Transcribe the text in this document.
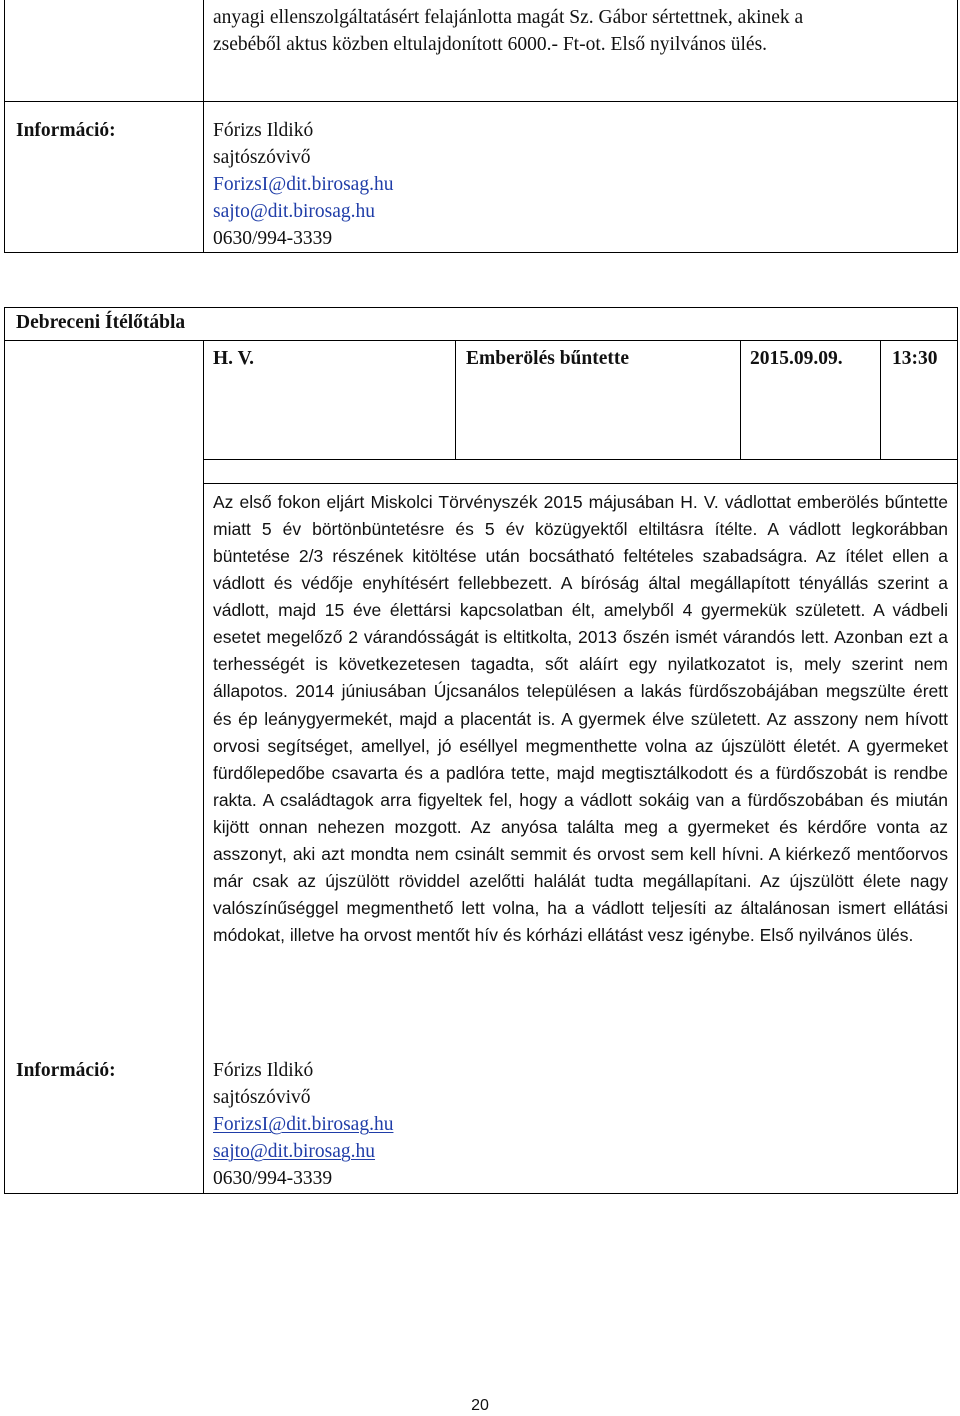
anyagi ellenszolgáltatásért felajánlotta magát Sz. Gábor sértettnek, akinek a
zsebéből aktus közben eltulajdonított 6000.- Ft-ot. Első nyilvános ülés.
Információ:	Fórizs Ildikó
sajtószóvivő
ForizsI@dit.birosag.hu
sajto@dit.birosag.hu
0630/994-3339
Debreceni Ítélőtábla
H. V.	Emberölés bűntette	2015.09.09.	13:30
Az első fokon eljárt Miskolci Törvényszék 2015 májusában H. V. vádlottat emberölés bűntette miatt 5 év börtönbüntetésre és 5 év közügyektől eltiltásra ítélte. A vádlott legkorábban büntetése 2/3 részének kitöltése után bocsátható feltételes szabadságra. Az ítélet ellen a vádlott és védője enyhítésért fellebbezett. A bíróság által megállapított tényállás szerint a vádlott, majd 15 éve élettársi kapcsolatban élt, amelyből 4 gyermekük született. A vádbeli esetet megelőző 2 várandósságát is eltitkolta, 2013 őszén ismét várandós lett. Azonban ezt a terhességét is következetesen tagadta, sőt aláírt egy nyilatkozatot is, mely szerint nem állapotos. 2014 júniusában Újcsanálos településen a lakás fürdőszobájában megszülte érett és ép leánygyermekét, majd a placentát is. A gyermek élve született. Az asszony nem hívott orvosi segítséget, amellyel, jó eséllyel megmenthette volna az újszülött életét. A gyermeket fürdőlepedőbe csavarta és a padlóra tette, majd megtisztálkodott és a fürdőszobát is rendbe rakta. A családtagok arra figyeltek fel, hogy a vádlott sokáig van a fürdőszobában és miután kijött onnan nehezen mozgott. Az anyósa találta meg a gyermeket és kérdőre vonta az asszonyt, aki azt mondta nem csinált semmit és orvost sem kell hívni. A kiérkező mentőorvos már csak az újszülött röviddel azelőtti halálát tudta megállapítani. Az újszülött élete nagy valószínűséggel megmenthető lett volna, ha a vádlott teljesíti az általánosan ismert ellátási módokat, illetve ha orvost mentőt hív és kórházi ellátást vesz igénybe. Első nyilvános ülés.
Információ:	Fórizs Ildikó
sajtószóvivő
ForizsI@dit.birosag.hu
sajto@dit.birosag.hu
0630/994-3339
20
